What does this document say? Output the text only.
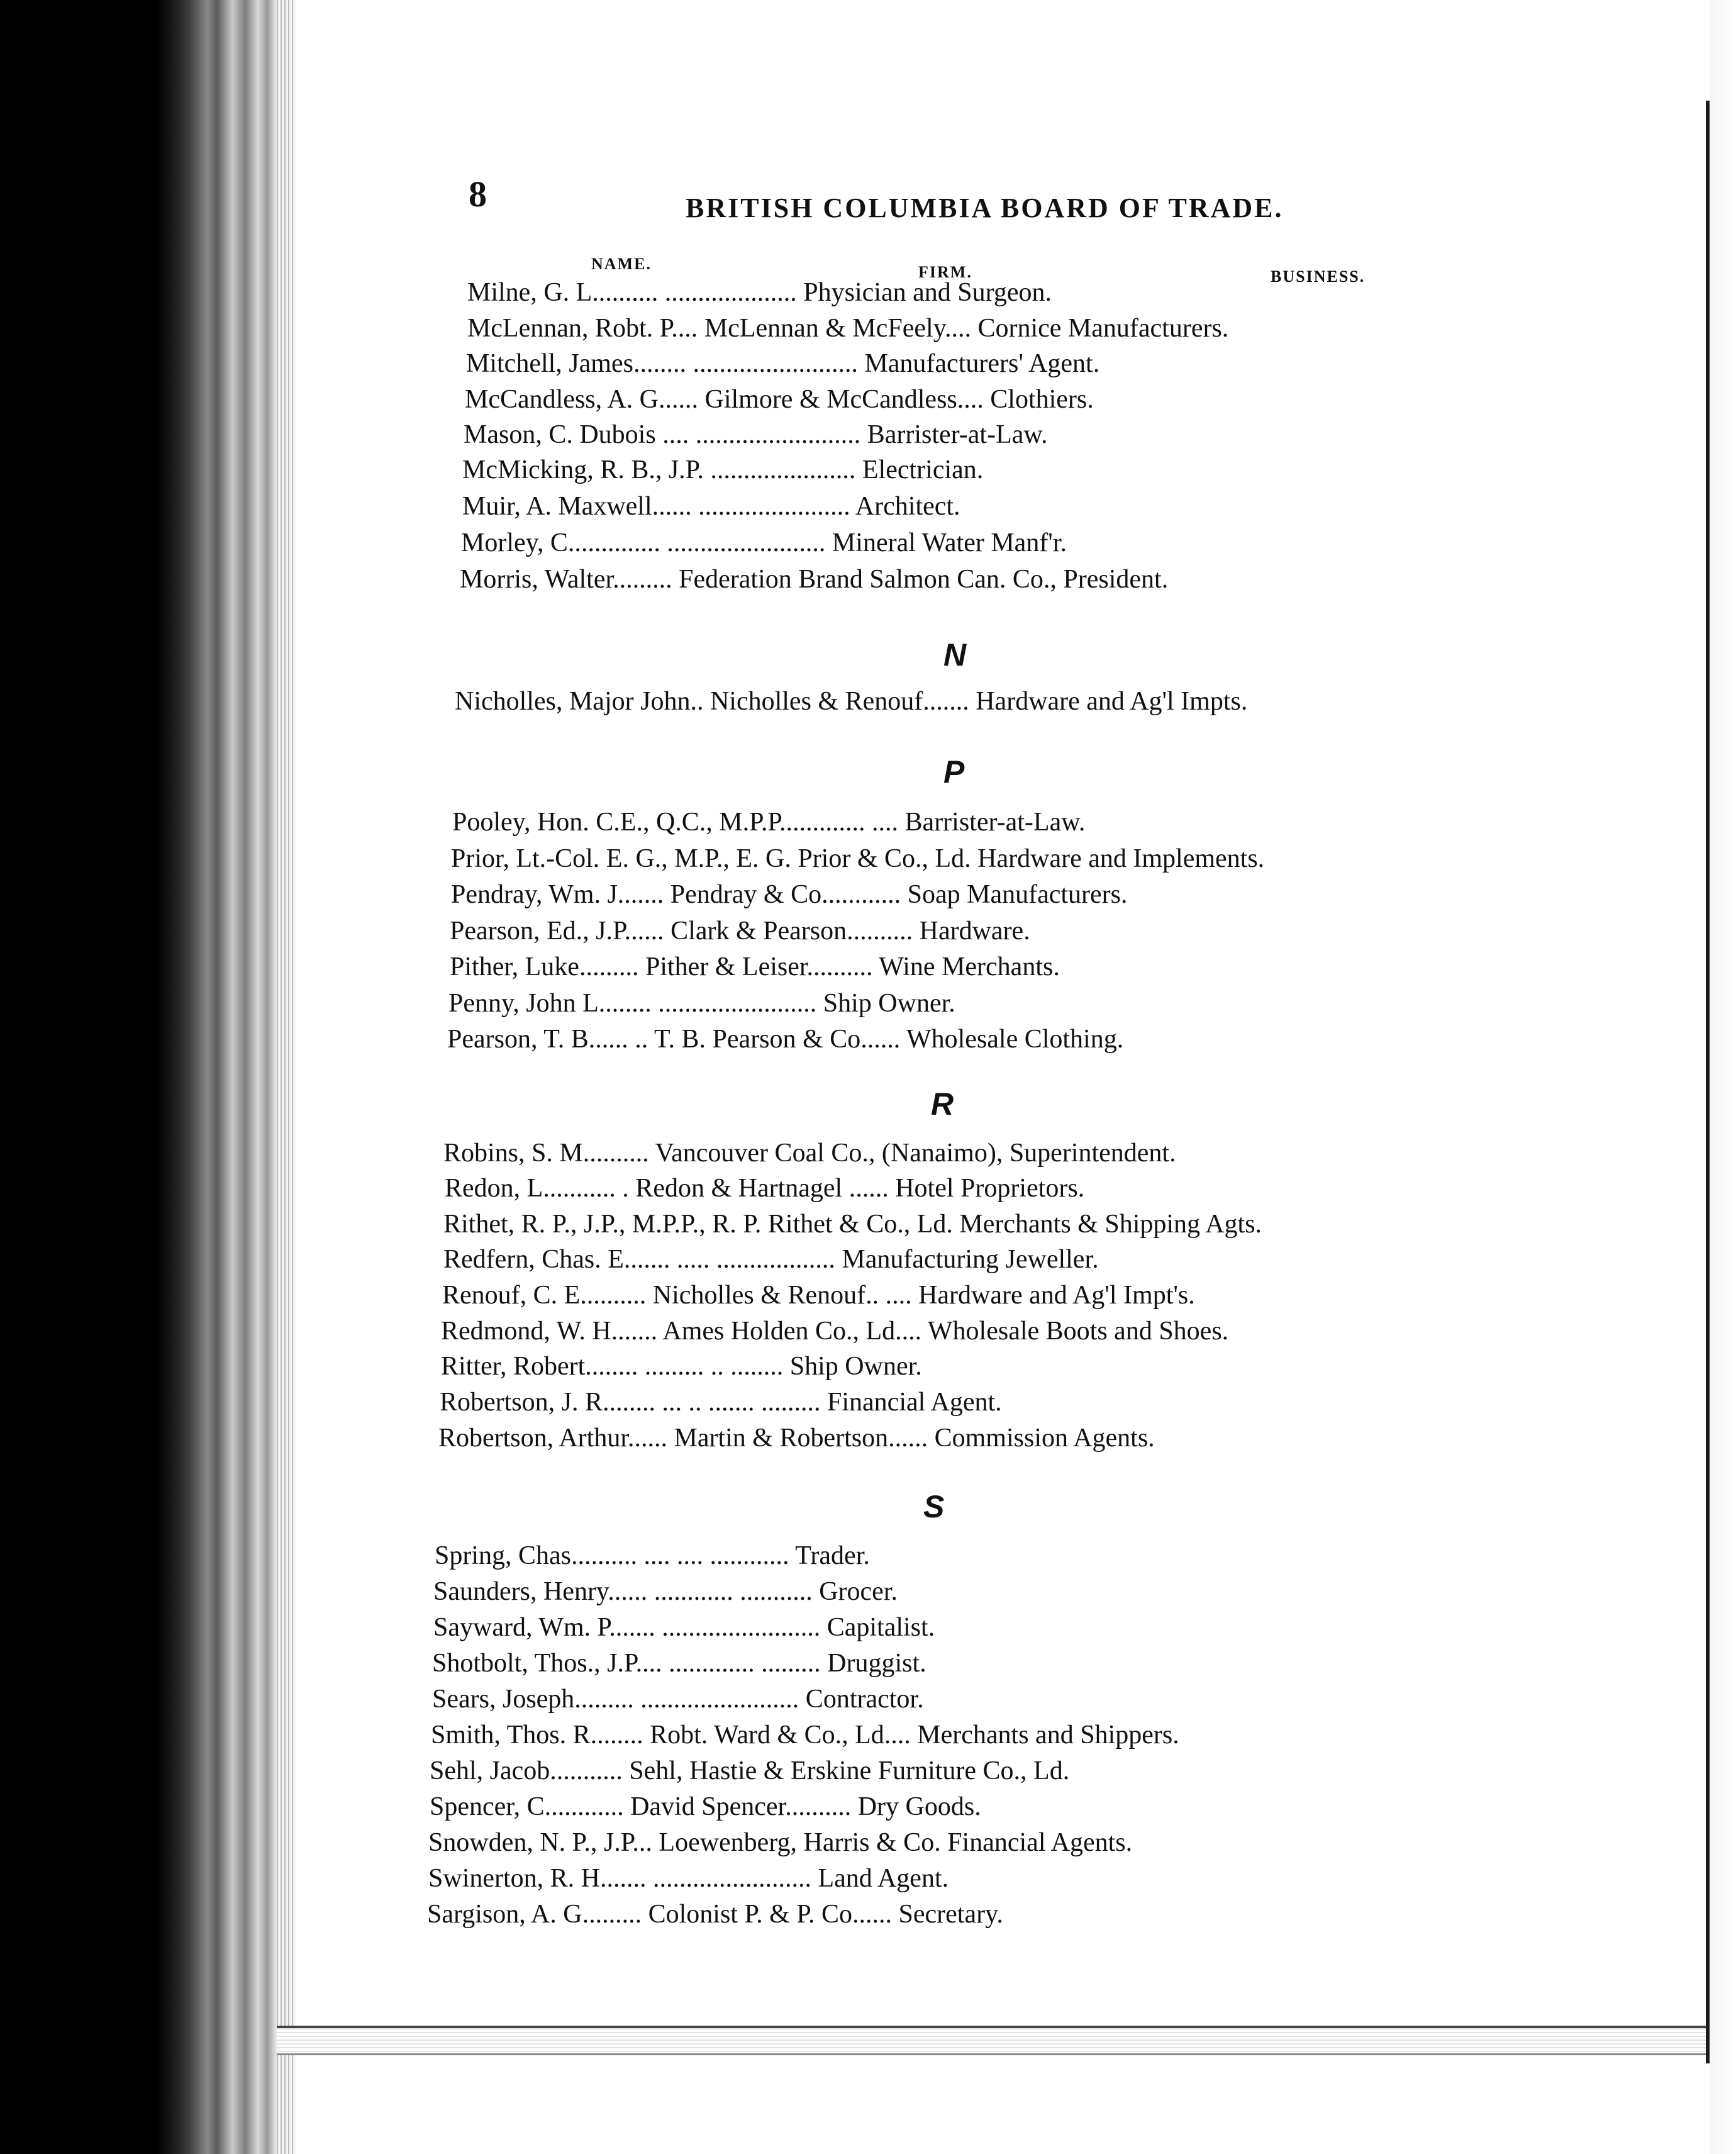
8	BRITISH COLUMBIA BOARD OF TRADE.
NAME.	FIRM.	BUSINESS.
Milne, G. L.......... .................... Physician and Surgeon.
McLennan, Robt. P.... McLennan & McFeely.... Cornice Manufacturers.
Mitchell, James........ ......................... Manufacturers' Agent.
McCandless, A. G...... Gilmore & McCandless.... Clothiers.
Mason, C. Dubois .... ......................... Barrister-at-Law.
McMicking, R. B., J.P. ...................... Electrician.
Muir, A. Maxwell...... ....................... Architect.
Morley, C.............. ........................ Mineral Water Manf'r.
Morris, Walter......... Federation Brand Salmon Can. Co., President.
N
Nicholles, Major John.. Nicholles & Renouf....... Hardware and Ag'l Impts.
P
Pooley, Hon. C.E., Q.C., M.P.P............. .... Barrister-at-Law.
Prior, Lt.-Col. E. G., M.P., E. G. Prior & Co., Ld. Hardware and Implements.
Pendray, Wm. J....... Pendray & Co............ Soap Manufacturers.
Pearson, Ed., J.P...... Clark & Pearson.......... Hardware.
Pither, Luke......... Pither & Leiser.......... Wine Merchants.
Penny, John L........ ........................ Ship Owner.
Pearson, T. B...... .. T. B. Pearson & Co...... Wholesale Clothing.
R
Robins, S. M.......... Vancouver Coal Co., (Nanaimo), Superintendent.
Redon, L........... . Redon & Hartnagel ...... Hotel Proprietors.
Rithet, R. P., J.P., M.P.P., R. P. Rithet & Co., Ld. Merchants & Shipping Agts.
Redfern, Chas. E....... ..... .................. Manufacturing Jeweller.
Renouf, C. E.......... Nicholles & Renouf.. .... Hardware and Ag'l Impt's.
Redmond, W. H....... Ames Holden Co., Ld.... Wholesale Boots and Shoes.
Ritter, Robert........ ......... .. ........ Ship Owner.
Robertson, J. R........ ... .. ....... ......... Financial Agent.
Robertson, Arthur...... Martin & Robertson...... Commission Agents.
S
Spring, Chas.......... .... .... ............ Trader.
Saunders, Henry...... ............ ........... Grocer.
Sayward, Wm. P....... ........................ Capitalist.
Shotbolt, Thos., J.P.... ............. ......... Druggist.
Sears, Joseph......... ........................ Contractor.
Smith, Thos. R........ Robt. Ward & Co., Ld.... Merchants and Shippers.
Sehl, Jacob........... Sehl, Hastie & Erskine Furniture Co., Ld.
Spencer, C............ David Spencer.......... Dry Goods.
Snowden, N. P., J.P... Loewenberg, Harris & Co. Financial Agents.
Swinerton, R. H....... ........................ Land Agent.
Sargison, A. G......... Colonist P. & P. Co...... Secretary.
